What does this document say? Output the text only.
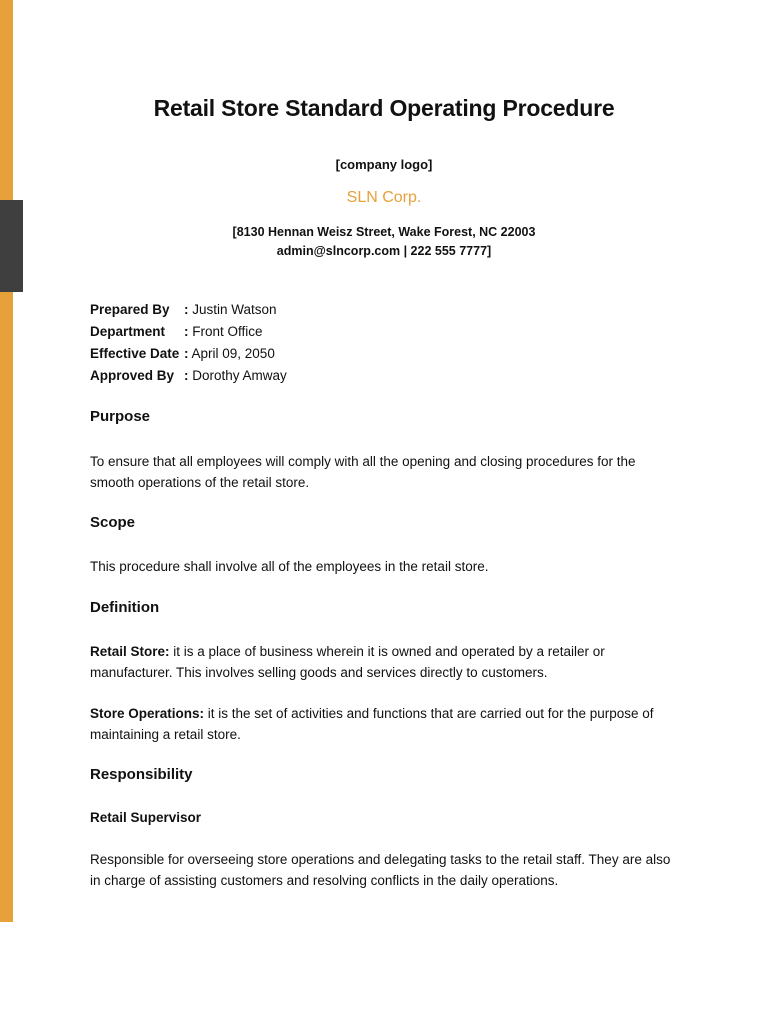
Retail Store Standard Operating Procedure
[company logo]
SLN Corp.
[8130 Hennan Weisz Street, Wake Forest, NC 22003
admin@slncorp.com | 222 555 7777]
Prepared By	: Justin Watson
Department	: Front Office
Effective Date	: April 09, 2050
Approved By	: Dorothy Amway
Purpose
To ensure that all employees will comply with all the opening and closing procedures for the smooth operations of the retail store.
Scope
This procedure shall involve all of the employees in the retail store.
Definition
Retail Store: it is a place of business wherein it is owned and operated by a retailer or manufacturer. This involves selling goods and services directly to customers.
Store Operations: it is the set of activities and functions that are carried out for the purpose of maintaining a retail store.
Responsibility
Retail Supervisor
Responsible for overseeing store operations and delegating tasks to the retail staff. They are also in charge of assisting customers and resolving conflicts in the daily operations.
